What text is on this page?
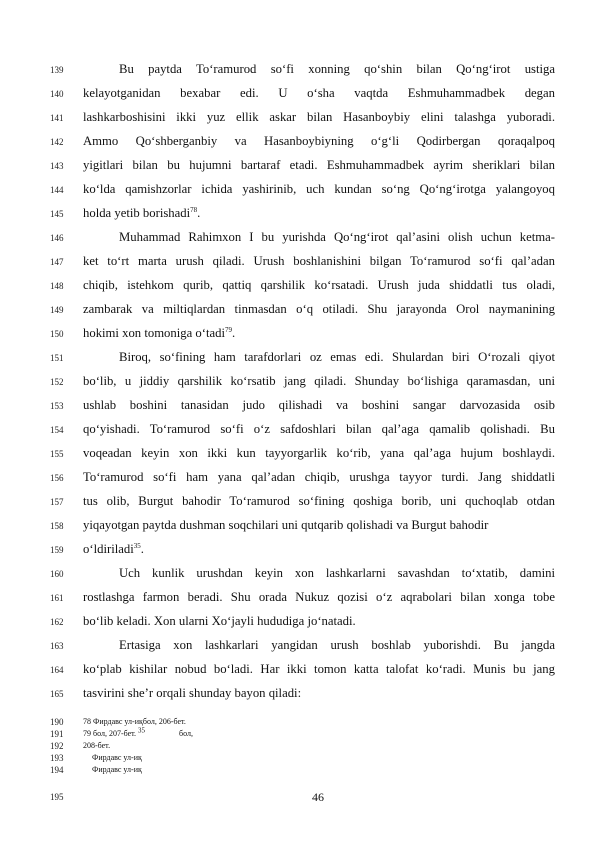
139
140
141
142
143
144
145
146
147
148
149
150
151
152
153
154
155
156
157
158
159
160
161
162
163
164
165
Bu paytda To‘ramurod so‘fi xonning qo‘shin bilan Qo‘ng‘irot ustiga
kelayotganidan bexabar edi. U o‘sha vaqtda Eshmuhammadbek degan
lashkarboshisini ikki yuz ellik askar bilan Hasanboybiy elini talashga yuboradi.
Ammo Qo‘shberganbiy va Hasanboybiyning o‘g‘li Qodirbergan qoraqalpoq
yigitlari bilan bu hujumni bartaraf etadi. Eshmuhammadbek ayrim sheriklari bilan
ko‘lda qamishzorlar ichida yashirinib, uch kundan so‘ng Qo‘ng‘irotga yalangoyoq
holda yetib borishadi$^{78}$.
Muhammad Rahimxon I bu yurishda Qo‘ng‘irot qal’asini olish uchun ketma-
ket to‘rt marta urush qiladi. Urush boshlanishini bilgan To‘ramurod so‘fi qal’adan
chiqib, istehkom qurib, qattiq qarshilik ko‘rsatadi. Urush juda shiddatli tus oladi,
zambarak va miltiqlardan tinmasdan o‘q otiladi. Shu jarayonda Orol naymanining
hokimi xon tomoniga o‘tadi$^{79}$.
Biroq, so‘fining ham tarafdorlari oz emas edi. Shulardan biri O‘rozali qiyot
bo‘lib, u jiddiy qarshilik ko‘rsatib jang qiladi. Shunday bo‘lishiga qaramasdan, uni
ushlab boshini tanasidan judo qilishadi va boshini sangar darvozasida osib
qo‘yishadi. To‘ramurod so‘fi o‘z safdoshlari bilan qal’aga qamalib qolishadi. Bu
voqeadan keyin xon ikki kun tayyorgarlik ko‘rib, yana qal’aga hujum boshlaydi.
To‘ramurod so‘fi ham yana qal’adan chiqib, urushga tayyor turdi. Jang shiddatli
tus olib, Burgut bahodir To‘ramurod so‘fining qoshiga borib, uni quchoqlab otdan
yiqayotgan paytda dushman soqchilari uni qutqarib qolishadi va Burgut bahodir
o‘ldiriladi$^{35}$.
Uch kunlik urushdan keyin xon lashkarlarni savashdan to‘xtatib, damini
rostlashga farmon beradi. Shu orada Nukuz qozisi o‘z aqrabolari bilan xonga tobe
bo‘lib keladi. Xon ularni Xo‘jayli hududiga jo‘natadi.
Ertasiga xon lashkarlari yangidan urush boshlab yuborishdi. Bu jangda
ko‘plab kishilar nobud bo‘ladi. Har ikki tomon katta talofat ko‘radi. Munis bu jang
tasvirini she’r orqali shunday bayon qiladi:
190
191
192
193
194
195
78 Фирдавс ул-иқбол, 206-бет.
79 бол, 207-бет. $^{35}$	бол,
208-бет.
Фирдавс ул-иқ
Фирдавс ул-иқ
46
